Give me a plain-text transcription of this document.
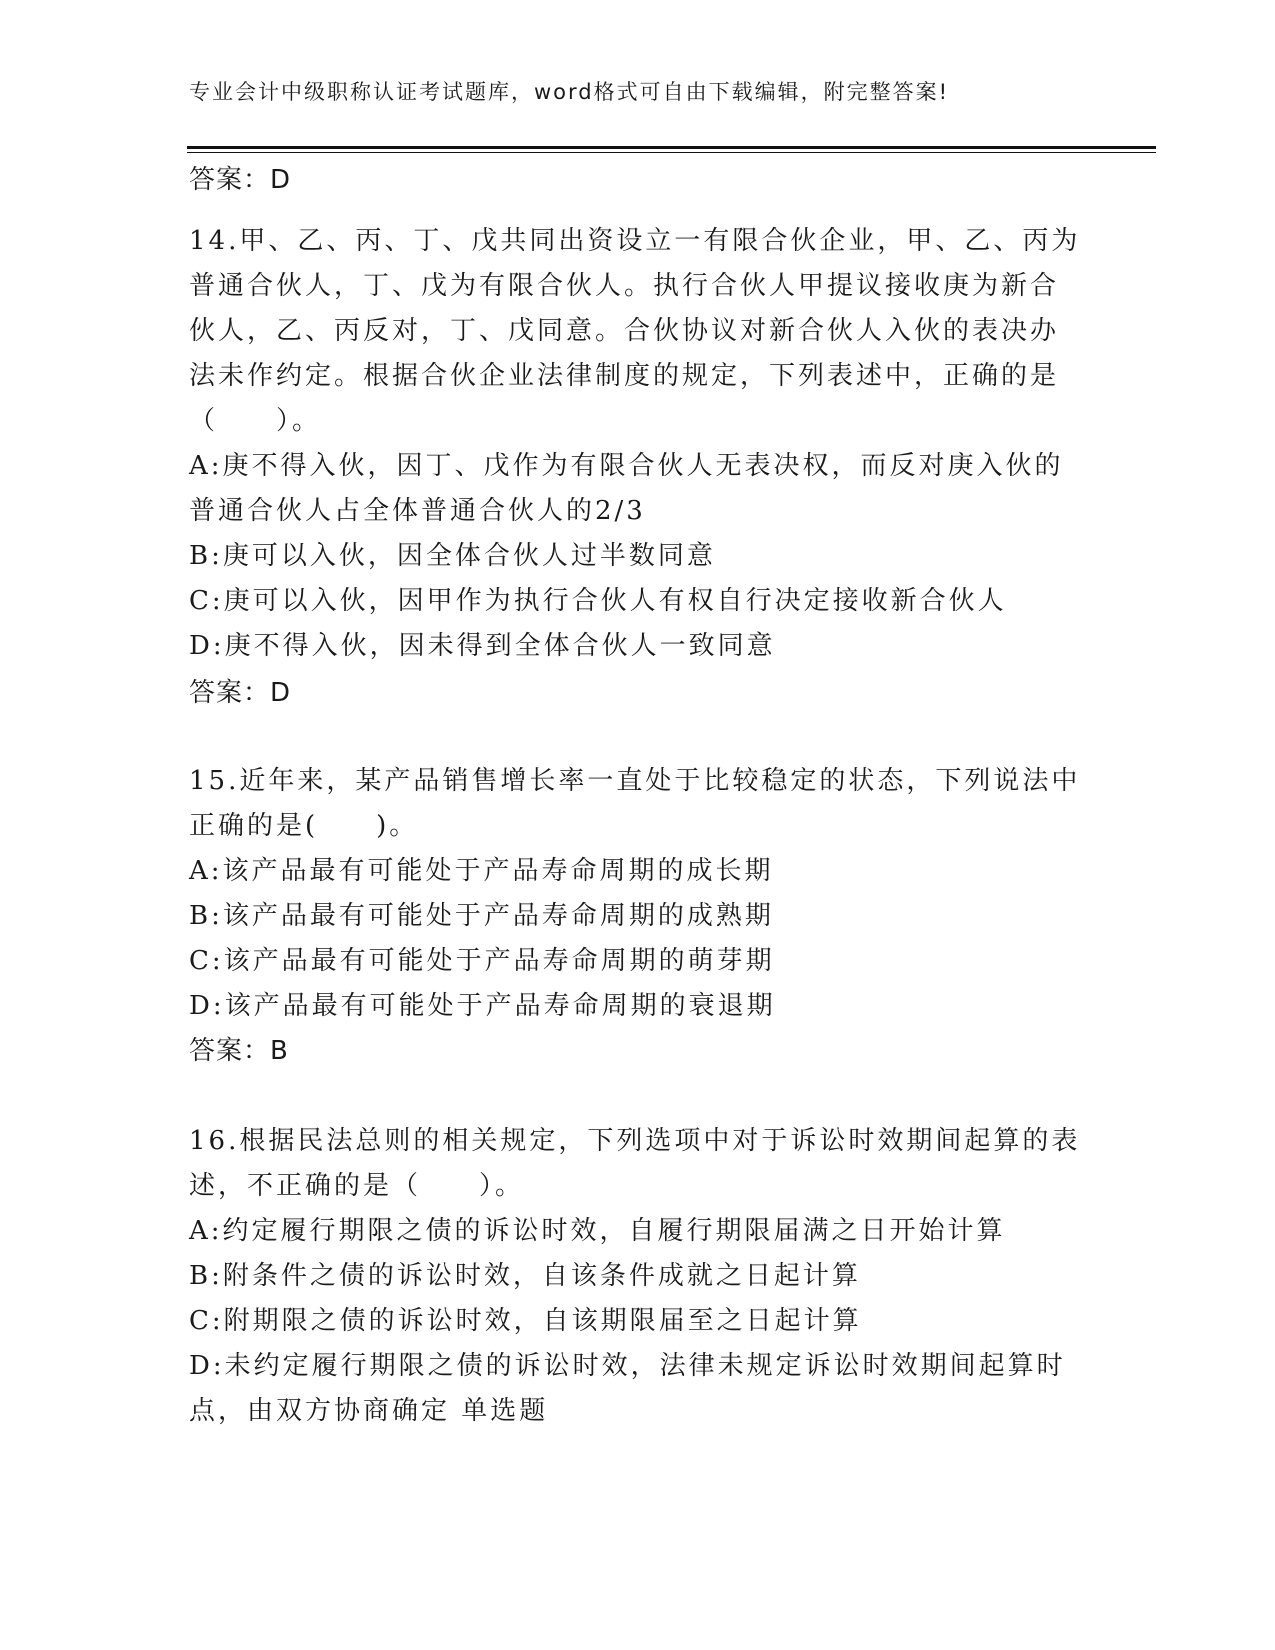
专业会计中级职称认证考试题库，word格式可自由下载编辑，附完整答案!
答案：D
14.甲、乙、丙、丁、戊共同出资设立一有限合伙企业，甲、乙、丙为
普通合伙人，丁、戊为有限合伙人。执行合伙人甲提议接收庚为新合
伙人，乙、丙反对，丁、戊同意。合伙协议对新合伙人入伙的表决办
法未作约定。根据合伙企业法律制度的规定，下列表述中，正确的是
（　　）。
A:庚不得入伙，因丁、戊作为有限合伙人无表决权，而反对庚入伙的
普通合伙人占全体普通合伙人的2/3
B:庚可以入伙，因全体合伙人过半数同意
C:庚可以入伙，因甲作为执行合伙人有权自行决定接收新合伙人
D:庚不得入伙，因未得到全体合伙人一致同意
答案：D
15.近年来，某产品销售增长率一直处于比较稳定的状态，下列说法中
正确的是(　　)。
A:该产品最有可能处于产品寿命周期的成长期
B:该产品最有可能处于产品寿命周期的成熟期
C:该产品最有可能处于产品寿命周期的萌芽期
D:该产品最有可能处于产品寿命周期的衰退期
答案：B
16.根据民法总则的相关规定，下列选项中对于诉讼时效期间起算的表
述，不正确的是（　　）。
A:约定履行期限之债的诉讼时效，自履行期限届满之日开始计算
B:附条件之债的诉讼时效，自该条件成就之日起计算
C:附期限之债的诉讼时效，自该期限届至之日起计算
D:未约定履行期限之债的诉讼时效，法律未规定诉讼时效期间起算时
点，由双方协商确定 单选题
